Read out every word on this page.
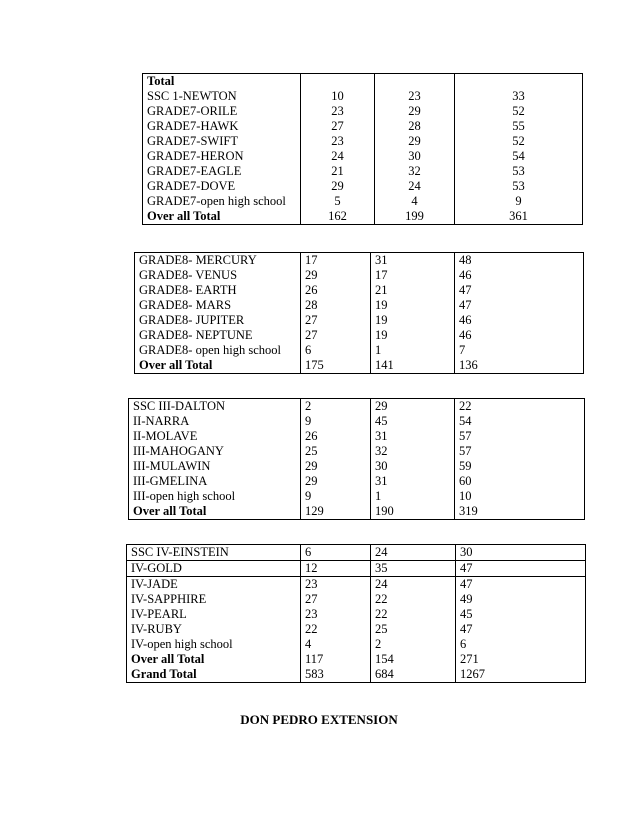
Total			
SSC 1-NEWTON	10	23	33
GRADE7-ORILE	23	29	52
GRADE7-HAWK	27	28	55
GRADE7-SWIFT	23	29	52
GRADE7-HERON	24	30	54
GRADE7-EAGLE	21	32	53
GRADE7-DOVE	29	24	53
GRADE7-open high school	5	4	9
Over all Total	162	199	361
GRADE8- MERCURY	17	31	48
GRADE8- VENUS	29	17	46
GRADE8- EARTH	26	21	47
GRADE8- MARS	28	19	47
GRADE8- JUPITER	27	19	46
GRADE8- NEPTUNE	27	19	46
GRADE8- open high school	6	1	7
Over all Total	175	141	136
SSC III-DALTON	2	29	22
II-NARRA	9	45	54
II-MOLAVE	26	31	57
III-MAHOGANY	25	32	57
III-MULAWIN	29	30	59
III-GMELINA	29	31	60
III-open high school	9	1	10
Over all Total	129	190	319
SSC IV-EINSTEIN	6	24	30
IV-GOLD	12	35	47
IV-JADE	23	24	47
IV-SAPPHIRE	27	22	49
IV-PEARL	23	22	45
IV-RUBY	22	25	47
IV-open high school	4	2	6
Over all Total	117	154	271
Grand Total	583	684	1267
DON PEDRO EXTENSION
